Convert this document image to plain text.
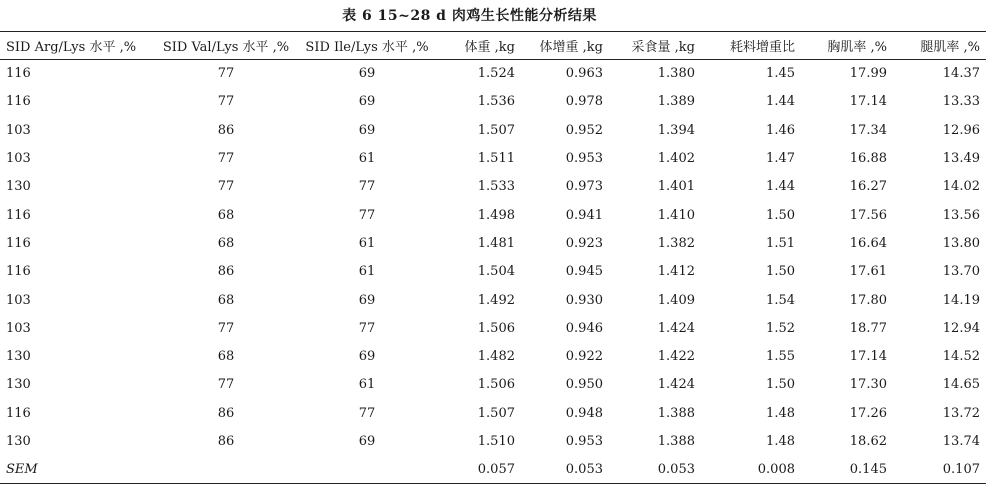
表 6 15~28 d 肉鸡生长性能分析结果
SID Arg/Lys 水平 ,%	SID Val/Lys 水平 ,%	SID Ile/Lys 水平 ,%	体重 ,kg	体增重 ,kg	采食量 ,kg	耗料增重比	胸肌率 ,%	腿肌率 ,%
116	77	69	1.524	0.963	1.380	1.45	17.99	14.37
116	77	69	1.536	0.978	1.389	1.44	17.14	13.33
103	86	69	1.507	0.952	1.394	1.46	17.34	12.96
103	77	61	1.511	0.953	1.402	1.47	16.88	13.49
130	77	77	1.533	0.973	1.401	1.44	16.27	14.02
116	68	77	1.498	0.941	1.410	1.50	17.56	13.56
116	68	61	1.481	0.923	1.382	1.51	16.64	13.80
116	86	61	1.504	0.945	1.412	1.50	17.61	13.70
103	68	69	1.492	0.930	1.409	1.54	17.80	14.19
103	77	77	1.506	0.946	1.424	1.52	18.77	12.94
130	68	69	1.482	0.922	1.422	1.55	17.14	14.52
130	77	61	1.506	0.950	1.424	1.50	17.30	14.65
116	86	77	1.507	0.948	1.388	1.48	17.26	13.72
130	86	69	1.510	0.953	1.388	1.48	18.62	13.74
SEM			0.057	0.053	0.053	0.008	0.145	0.107
